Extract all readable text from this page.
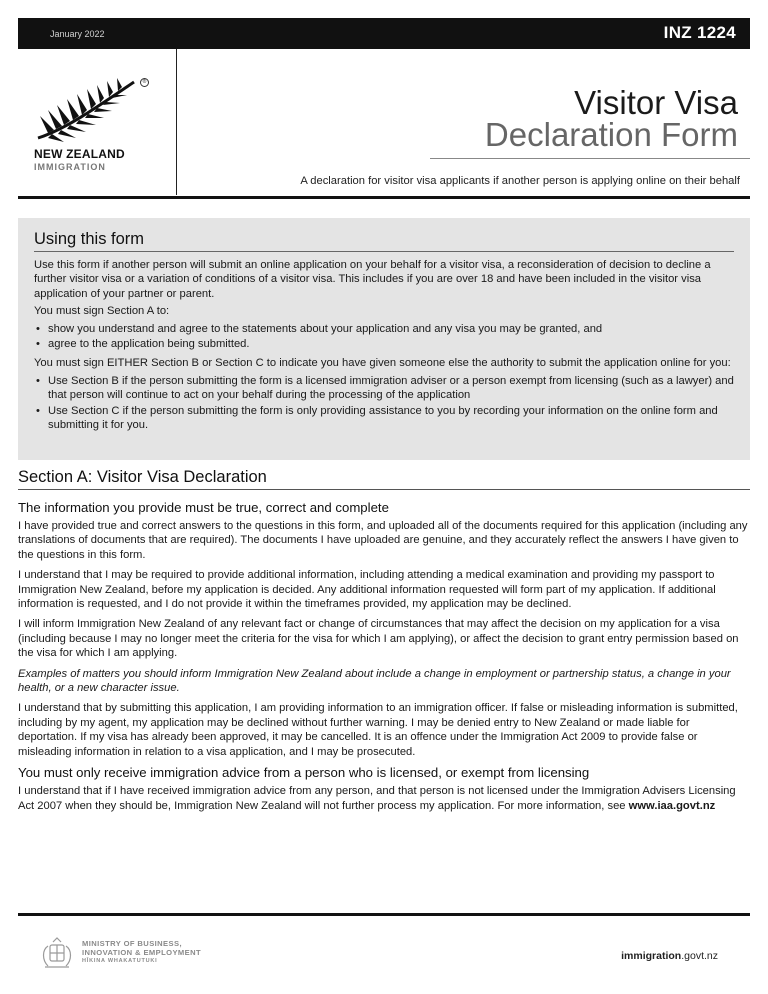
January 2022	INZ 1224
®
NEW ZEALAND
IMMIGRATION
Visitor Visa
Declaration Form
A declaration for visitor visa applicants if another person is applying online on their behalf
Using this form

Use this form if another person will submit an online application on your behalf for a visitor visa, a reconsideration of decision to decline a further visitor visa or a variation of conditions of a visitor visa. This includes if you are over 18 and have been included in the visitor visa application of your partner or parent.

You must sign Section A to:

• show you understand and agree to the statements about your application and any visa you may be granted, and
• agree to the application being submitted.

You must sign EITHER Section B or Section C to indicate you have given someone else the authority to submit the application online for you:

• Use Section B if the person submitting the form is a licensed immigration adviser or a person exempt from licensing (such as a lawyer) and that person will continue to act on your behalf during the processing of the application
• Use Section C if the person submitting the form is only providing assistance to you by recording your information on the online form and submitting it for you.
Section A: Visitor Visa Declaration
The information you provide must be true, correct and complete

I have provided true and correct answers to the questions in this form, and uploaded all of the documents required for this application (including any translations of documents that are required). The documents I have uploaded are genuine, and they accurately reflect the answers I have given to the questions in this form.

I understand that I may be required to provide additional information, including attending a medical examination and providing my passport to Immigration New Zealand, before my application is decided. Any additional information requested will form part of my application. If additional information is requested, and I do not provide it within the timeframes provided, my application may be declined.

I will inform Immigration New Zealand of any relevant fact or change of circumstances that may affect the decision on my application for a visa (including because I may no longer meet the criteria for the visa for which I am applying), or affect the decision to grant entry permission based on the visa for which I am applying.

Examples of matters you should inform Immigration New Zealand about include a change in employment or partnership status, a change in your health, or a new character issue.

I understand that by submitting this application, I am providing information to an immigration officer. If false or misleading information is submitted, including by my agent, my application may be declined without further warning. I may be denied entry to New Zealand or made liable for deportation. If my visa has already been approved, it may be cancelled. It is an offence under the Immigration Act 2009 to provide false or misleading information in relation to a visa application, and I may be prosecuted.

You must only receive immigration advice from a person who is licensed, or exempt from licensing

I understand that if I have received immigration advice from any person, and that person is not licensed under the Immigration Advisers Licensing Act 2007 when they should be, Immigration New Zealand will not further process my application. For more information, see www.iaa.govt.nz

MINISTRY OF BUSINESS,
INNOVATION & EMPLOYMENT
HĪKINA WHAKATUTUKI	immigration.govt.nz
